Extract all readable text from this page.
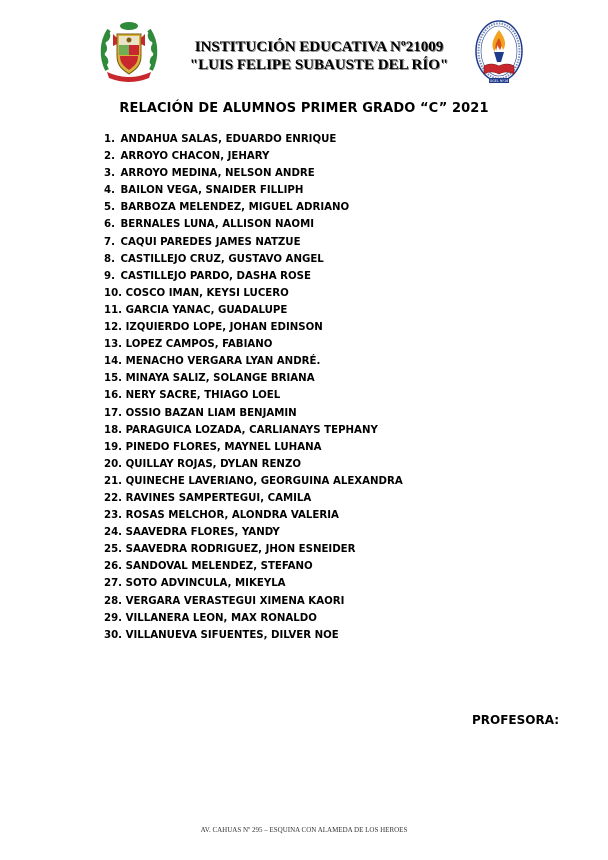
INSTITUCIÓN EDUCATIVA Nº21009
"LUIS FELIPE SUBAUSTE DEL RÍO"
UGEL Nº16
RELACIÓN DE ALUMNOS PRIMER GRADO “C” 2021
1. ANDAHUA SALAS, EDUARDO ENRIQUE
2. ARROYO CHACON, JEHARY
3. ARROYO MEDINA, NELSON ANDRE
4. BAILON VEGA, SNAIDER FILLIPH
5. BARBOZA MELENDEZ, MIGUEL ADRIANO
6. BERNALES LUNA, ALLISON NAOMI
7. CAQUI PAREDES JAMES NATZUE
8. CASTILLEJO CRUZ, GUSTAVO ANGEL
9. CASTILLEJO PARDO, DASHA ROSE
10. COSCO IMAN, KEYSI LUCERO
11. GARCIA YANAC, GUADALUPE
12. IZQUIERDO LOPE, JOHAN EDINSON
13. LOPEZ CAMPOS, FABIANO
14. MENACHO VERGARA LYAN ANDRÉ.
15. MINAYA SALIZ, SOLANGE BRIANA
16. NERY SACRE, THIAGO LOEL
17. OSSIO BAZAN LIAM BENJAMIN
18. PARAGUICA LOZADA, CARLIANAYS TEPHANY
19. PINEDO FLORES, MAYNEL LUHANA
20. QUILLAY ROJAS, DYLAN RENZO
21. QUINECHE LAVERIANO, GEORGUINA ALEXANDRA
22. RAVINES SAMPERTEGUI, CAMILA
23. ROSAS MELCHOR, ALONDRA VALERIA
24. SAAVEDRA FLORES, YANDY
25. SAAVEDRA RODRIGUEZ, JHON ESNEIDER
26. SANDOVAL MELENDEZ, STEFANO
27. SOTO ADVINCULA, MIKEYLA
28. VERGARA VERASTEGUI XIMENA KAORI
29. VILLANERA LEON, MAX RONALDO
30. VILLANUEVA SIFUENTES, DILVER NOE
PROFESORA:
AV. CAHUAS Nº 295 – ESQUINA CON ALAMEDA DE LOS HEROES
